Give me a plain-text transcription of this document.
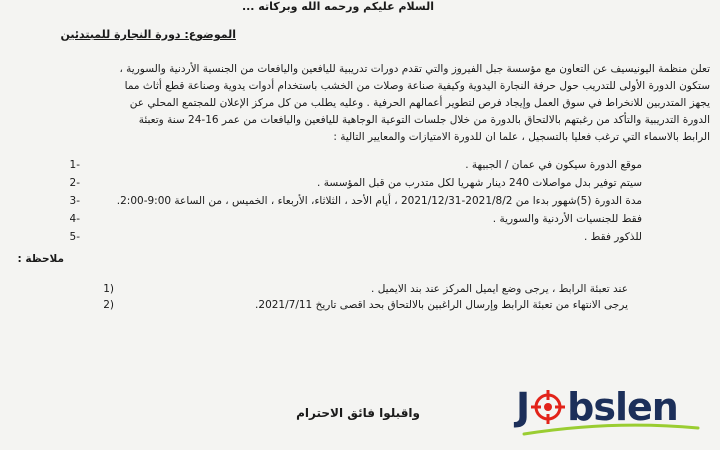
السلام عليكم ورحمه الله وبركاته ...
الموضوع: دورة النجارة للمبتدئين
تعلن منظمة اليونيسيف عن التعاون مع مؤسسة جبل الفيروز والتي تقدم دورات تدريبية لليافعين واليافعات من الجنسية الأردنية والسورية ،
ستكون الدورة الأولى للتدريب حول حرفة النجارة اليدوية وكيفية صناعة وصلات من الخشب باستخدام أدوات يدوية وصناعة قطع أثاث مما
يجهز المتدربين للانخراط في سوق العمل وإيجاد فرص لتطوير أعمالهم الحرفية . وعليه يطلب من كل مركز الإعلان للمجتمع المحلي عن
الدورة التدريبية والتأكد من رغبتهم بالالتحاق بالدورة من خلال جلسات التوعية الوجاهية لليافعين واليافعات من عمر 16-24 سنة وتعبئة
الرابط بالاسماء التي ترغب فعليا بالتسجيل ، علما ان للدورة الامتيازات والمعايير التالية :
موقع الدورة سيكون في عمان / الجبيهة .
-1
سيتم توفير بدل مواصلات 240 دينار شهريا لكل متدرب من قبل المؤسسة .
-2
مدة الدورة (5)شهور بدءا من 2021/8/2-2021/12/31 ، أيام الأحد ، الثلاثاء، الأربعاء ، الخميس ، من الساعة 9:00-2:00.
-3
فقط للجنسيات الأردنية والسورية .
-4
للذكور فقط .
-5
ملاحظة :
عند تعبئة الرابط ، يرجى وضع ايميل المركز عند بند الايميل .
(1
يرجى الانتهاء من تعبئة الرابط وإرسال الراغبين بالالتحاق بحد اقصى تاريخ 2021/7/11.
(2
واقبلوا فائق الاحترام	J bslen
